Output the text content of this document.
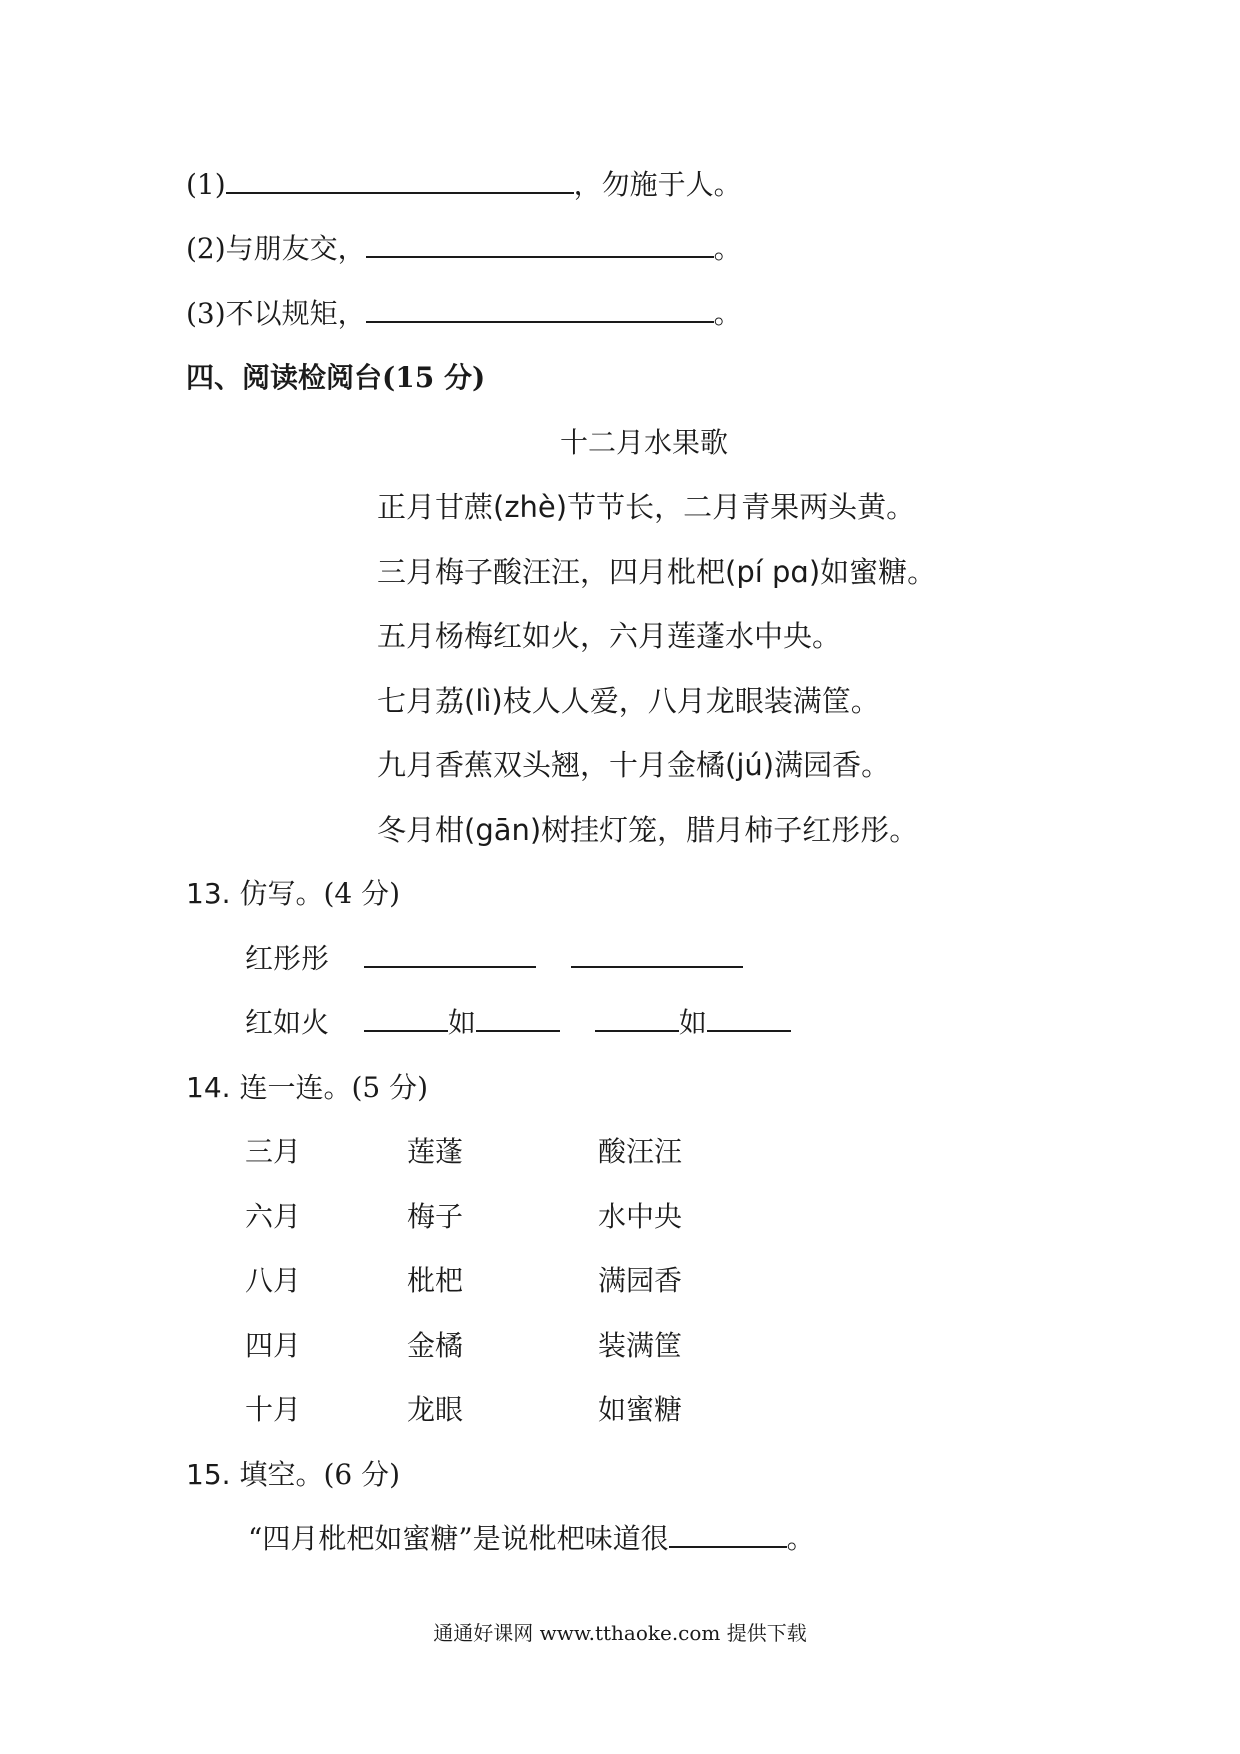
(1)	，勿施于人。
(2)与朋友交，	。
(3)不以规矩，	。
四、阅读检阅台(15 分)
十二月水果歌
正月甘蔗(zhè)节节长，二月青果两头黄。
三月梅子酸汪汪，四月枇杷(pí pɑ)如蜜糖。
五月杨梅红如火，六月莲蓬水中央。
七月荔(lì)枝人人爱，八月龙眼装满筐。
九月香蕉双头翘，十月金橘(jú)满园香。
冬月柑(gān)树挂灯笼，腊月柿子红彤彤。
13. 仿写。(4 分)
红彤彤
红如火	如	如
14. 连一连。(5 分)
三月	莲蓬	酸汪汪
六月	梅子	水中央
八月	枇杷	满园香
四月	金橘	装满筐
十月	龙眼	如蜜糖
15. 填空。(6 分)
“四月枇杷如蜜糖”是说枇杷味道很	。
通通好课网 www.tthaoke.com 提供下载
